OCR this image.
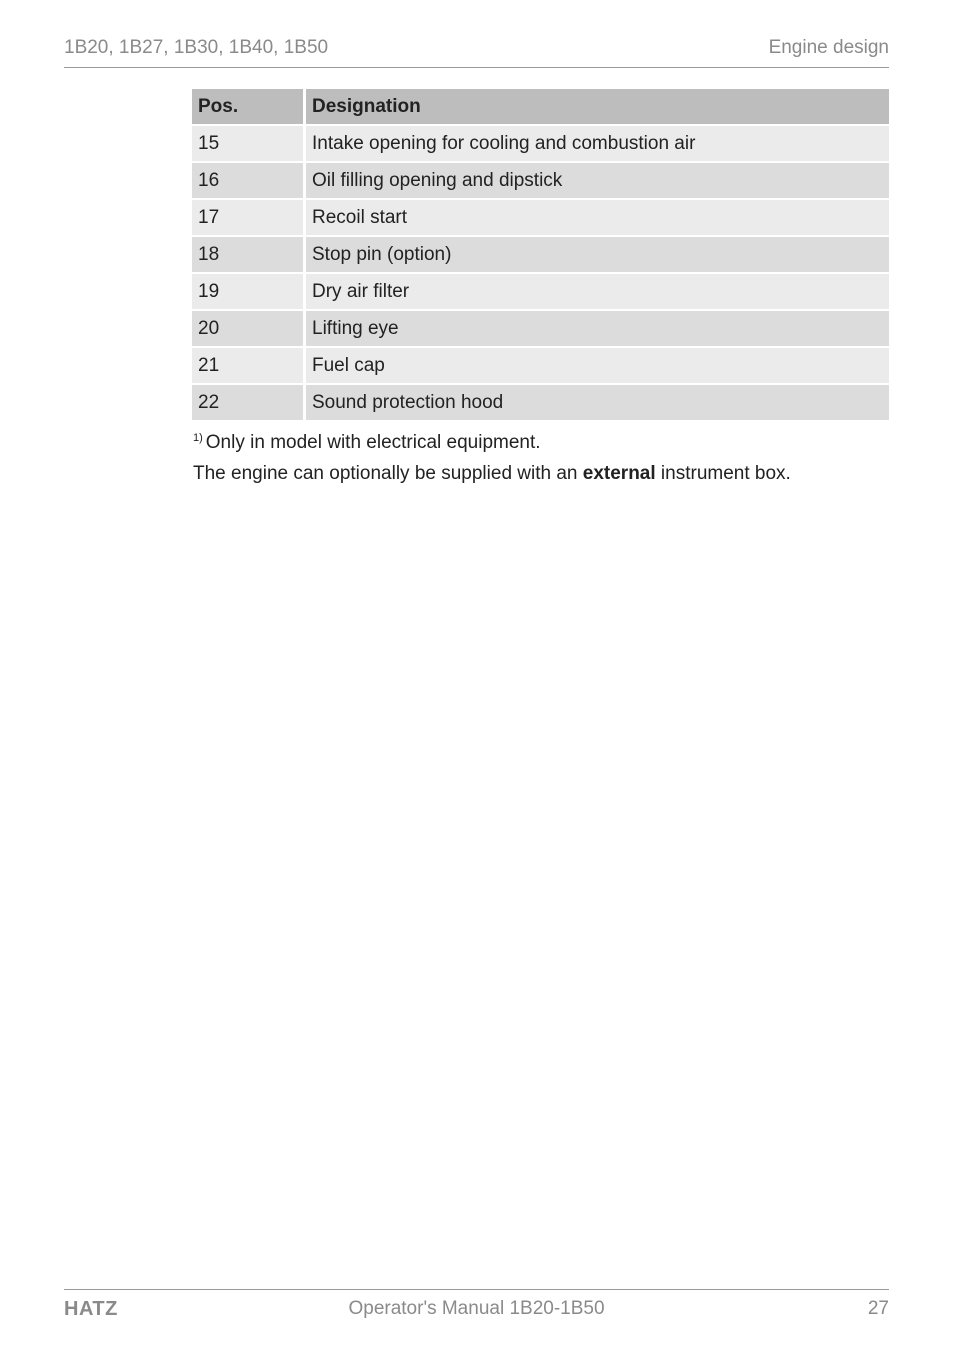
1B20, 1B27, 1B30, 1B40, 1B50	Engine design
Pos.	Designation
15	Intake opening for cooling and combustion air
16	Oil filling opening and dipstick
17	Recoil start
18	Stop pin (option)
19	Dry air filter
20	Lifting eye
21	Fuel cap
22	Sound protection hood
$^{1)}$ Only in model with electrical equipment.
The engine can optionally be supplied with an external instrument box.
HATZ	Operator's Manual 1B20-1B50	27
